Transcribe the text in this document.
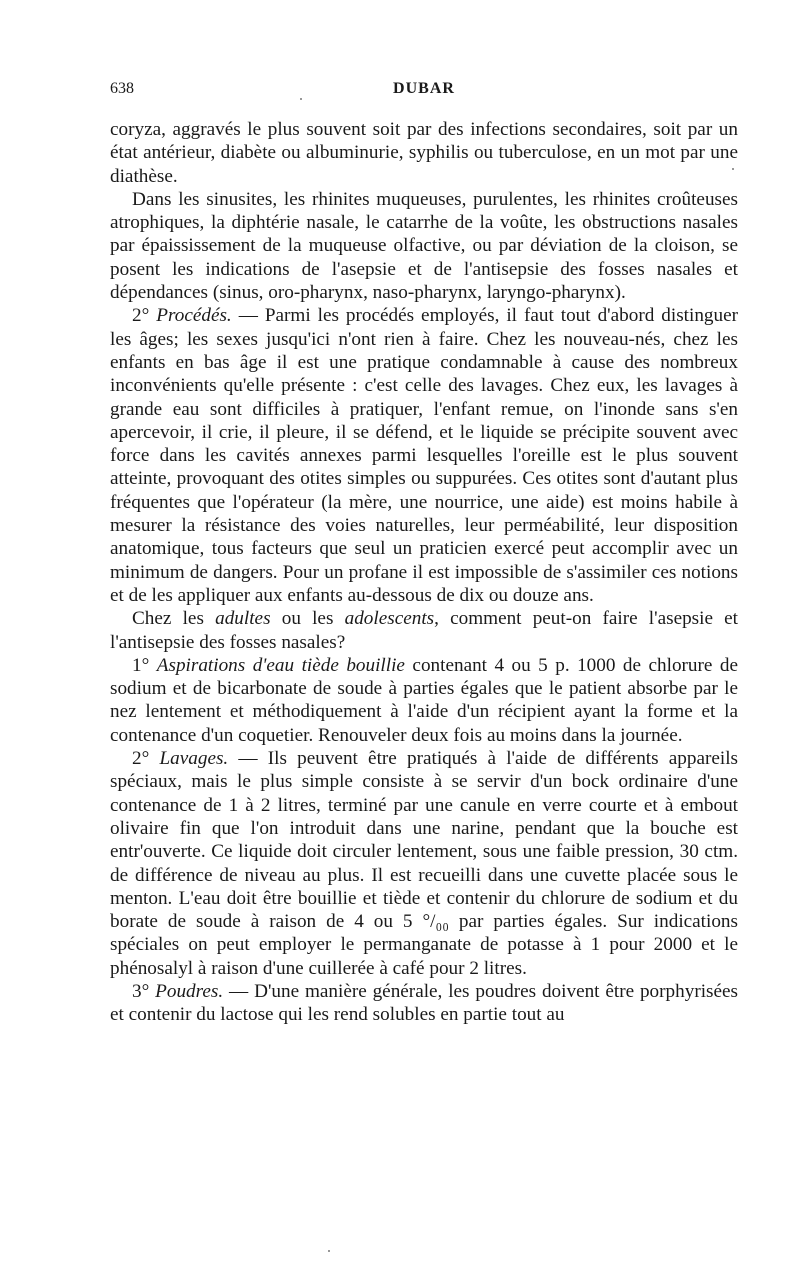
638	DUBAR

coryza, aggravés le plus souvent soit par des infections secondaires, soit par un état antérieur, diabète ou albuminurie, syphilis ou tuberculose, en un mot par une diathèse.

Dans les sinusites, les rhinites muqueuses, purulentes, les rhinites croûteuses atrophiques, la diphtérie nasale, le catarrhe de la voûte, les obstructions nasales par épaississement de la muqueuse olfactive, ou par déviation de la cloison, se posent les indications de l'asepsie et de l'antisepsie des fosses nasales et dépendances (sinus, oro-pharynx, naso-pharynx, laryngo-pharynx).

2° Procédés. — Parmi les procédés employés, il faut tout d'abord distinguer les âges; les sexes jusqu'ici n'ont rien à faire. Chez les nouveau-nés, chez les enfants en bas âge il est une pratique condamnable à cause des nombreux inconvénients qu'elle présente : c'est celle des lavages. Chez eux, les lavages à grande eau sont difficiles à pratiquer, l'enfant remue, on l'inonde sans s'en apercevoir, il crie, il pleure, il se défend, et le liquide se précipite souvent avec force dans les cavités annexes parmi lesquelles l'oreille est le plus souvent atteinte, provoquant des otites simples ou suppurées. Ces otites sont d'autant plus fréquentes que l'opérateur (la mère, une nourrice, une aide) est moins habile à mesurer la résistance des voies naturelles, leur perméabilité, leur disposition anatomique, tous facteurs que seul un praticien exercé peut accomplir avec un minimum de dangers. Pour un profane il est impossible de s'assimiler ces notions et de les appliquer aux enfants au-dessous de dix ou douze ans.

Chez les adultes ou les adolescents, comment peut-on faire l'asepsie et l'antisepsie des fosses nasales?

1° Aspirations d'eau tiède bouillie contenant 4 ou 5 p. 1000 de chlorure de sodium et de bicarbonate de soude à parties égales que le patient absorbe par le nez lentement et méthodiquement à l'aide d'un récipient ayant la forme et la contenance d'un coquetier. Renouveler deux fois au moins dans la journée.

2° Lavages. — Ils peuvent être pratiqués à l'aide de différents appareils spéciaux, mais le plus simple consiste à se servir d'un bock ordinaire d'une contenance de 1 à 2 litres, terminé par une canule en verre courte et à embout olivaire fin que l'on introduit dans une narine, pendant que la bouche est entr'ouverte. Ce liquide doit circuler lentement, sous une faible pression, 30 ctm. de différence de niveau au plus. Il est recueilli dans une cuvette placée sous le menton. L'eau doit être bouillie et tiède et contenir du chlorure de sodium et du borate de soude à raison de 4 ou 5 °/₀₀ par parties égales. Sur indications spéciales on peut employer le permanganate de potasse à 1 pour 2000 et le phénosalyl à raison d'une cuillerée à café pour 2 litres.

3° Poudres. — D'une manière générale, les poudres doivent être porphyrisées et contenir du lactose qui les rend solubles en partie tout au
